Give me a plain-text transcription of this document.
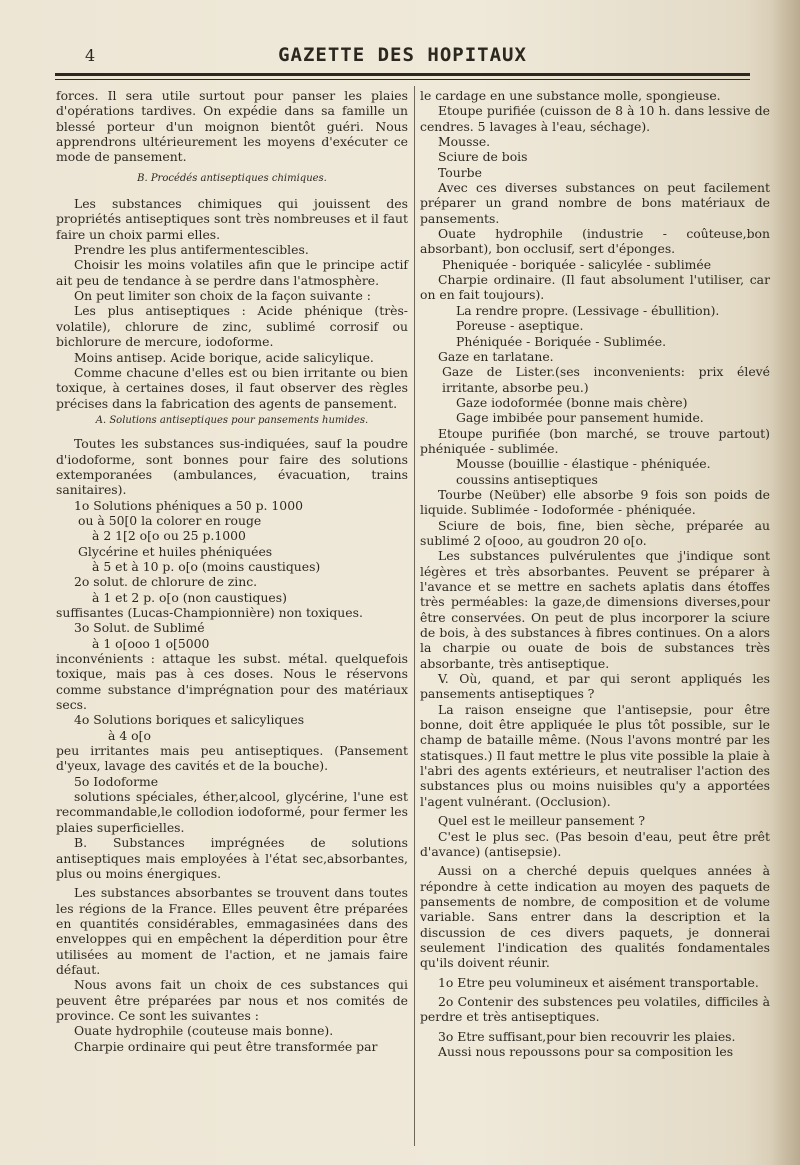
4	GAZETTE DES HOPITAUX

forces. Il sera utile surtout pour panser les plaies d'opérations tardives. On expédie dans sa famille un blessé porteur d'un moignon bientôt guéri. Nous apprendrons ultérieurement les moyens d'exécuter ce mode de pansement.

B. Procédés antiseptiques chimiques.

Les substances chimiques qui jouissent des propriétés antiseptiques sont très nombreuses et il faut faire un choix parmi elles.

Prendre les plus antifermentescibles.

Choisir les moins volatiles afin que le principe actif ait peu de tendance à se perdre dans l'atmosphère.

On peut limiter son choix de la façon suivante :

Les plus antiseptiques : Acide phénique (très-volatile), chlorure de zinc, sublimé corrosif ou bichlorure de mercure, iodoforme.

Moins antisep. Acide borique, acide salicylique.

Comme chacune d'elles est ou bien irritante ou bien toxique, à certaines doses, il faut observer des règles précises dans la fabrication des agents de pansement.

A. Solutions antiseptiques pour pansements humides.

Toutes les substances sus-indiquées, sauf la poudre d'iodoforme, sont bonnes pour faire des solutions extemporanées (ambulances, évacuation, trains sanitaires).

1o Solutions phéniques a 50 p. 1000

ou à 50[0 la colorer en rouge

à 2 1[2 o[o ou 25 p.1000

Glycérine et huiles phéniquées

à 5 et à 10 p. o[o (moins caustiques)

2o solut. de chlorure de zinc.

à 1 et 2 p. o[o (non caustiques)

suffisantes (Lucas-Championnière) non toxiques.

3o Solut. de Sublimé

à 1 o[ooo 1 o[5000

inconvénients : attaque les subst. métal. quelquefois toxique, mais pas à ces doses. Nous le réservons comme substance d'imprégnation pour des matériaux secs.

4o Solutions boriques et salicyliques

à 4 o[o

peu irritantes mais peu antiseptiques. (Pansement d'yeux, lavage des cavités et de la bouche).

5o Iodoforme

solutions spéciales, éther,alcool, glycérine, l'une est recommandable,le collodion iodoformé, pour fermer les plaies superficielles.

B. Substances imprégnées de solutions antiseptiques mais employées à l'état sec,absorbantes, plus ou moins énergiques.

Les substances absorbantes se trouvent dans toutes les régions de la France. Elles peuvent être préparées en quantités considérables, emmagasinées dans des enveloppes qui en empêchent la déperdition pour être utilisées au moment de l'action, et ne jamais faire défaut.

Nous avons fait un choix de ces substances qui peuvent être préparées par nous et nos comités de province. Ce sont les suivantes :

Ouate hydrophile (couteuse mais bonne).

Charpie ordinaire qui peut être transformée par

le cardage en une substance molle, spongieuse.

Etoupe purifiée (cuisson de 8 à 10 h. dans lessive de cendres. 5 lavages à l'eau, séchage).

Mousse.

Sciure de bois

Tourbe

Avec ces diverses substances on peut facilement préparer un grand nombre de bons matériaux de pansements.

Ouate hydrophile (industrie - coûteuse,bon absorbant), bon occlusif, sert d'éponges.

Pheniquée - boriquée - salicylée - sublimée

Charpie ordinaire. (Il faut absolument l'utiliser, car on en fait toujours).

La rendre propre. (Lessivage - ébullition).

Poreuse - aseptique.

Phéniquée - Boriquée - Sublimée.

Gaze en tarlatane.

Gaze de Lister.(ses inconvenients: prix élevé irritante, absorbe peu.)

Gaze iodoformée (bonne mais chère)

Gage imbibée pour pansement humide.

Etoupe purifiée (bon marché, se trouve partout) phéniquée - sublimée.

Mousse (bouillie - élastique - phéniquée.

coussins antiseptiques

Tourbe (Neüber) elle absorbe 9 fois son poids de liquide. Sublimée - Iodoformée - phéniquée.

Sciure de bois, fine, bien sèche, préparée au sublimé 2 o[ooo, au goudron 20 o[o.

Les substances pulvérulentes que j'indique sont légères et très absorbantes. Peuvent se préparer à l'avance et se mettre en sachets aplatis dans étoffes très perméables: la gaze,de dimensions diverses,pour être conservées. On peut de plus incorporer la sciure de bois, à des substances à fibres continues. On a alors la charpie ou ouate de bois de substances très absorbante, très antiseptique.

V. Où, quand, et par qui seront appliqués les pansements antiseptiques ?

La raison enseigne que l'antisepsie, pour être bonne, doit être appliquée le plus tôt possible, sur le champ de bataille même. (Nous l'avons montré par les statisques.) Il faut mettre le plus vite possible la plaie à l'abri des agents extérieurs, et neutraliser l'action des substances plus ou moins nuisibles qu'y a apportées l'agent vulnérant. (Occlusion).

Quel est le meilleur pansement ?

C'est le plus sec. (Pas besoin d'eau, peut être prêt d'avance) (antisepsie).

Aussi on a cherché depuis quelques années à répondre à cette indication au moyen des paquets de pansements de nombre, de composition et de volume variable. Sans entrer dans la description et la discussion de ces divers paquets, je donnerai seulement l'indication des qualités fondamentales qu'ils doivent réunir.

1o Etre peu volumineux et aisément transportable.

2o Contenir des substences peu volatiles, difficiles à perdre et très antiseptiques.

3o Etre suffisant,pour bien recouvrir les plaies.

Aussi nous repoussons pour sa composition les
